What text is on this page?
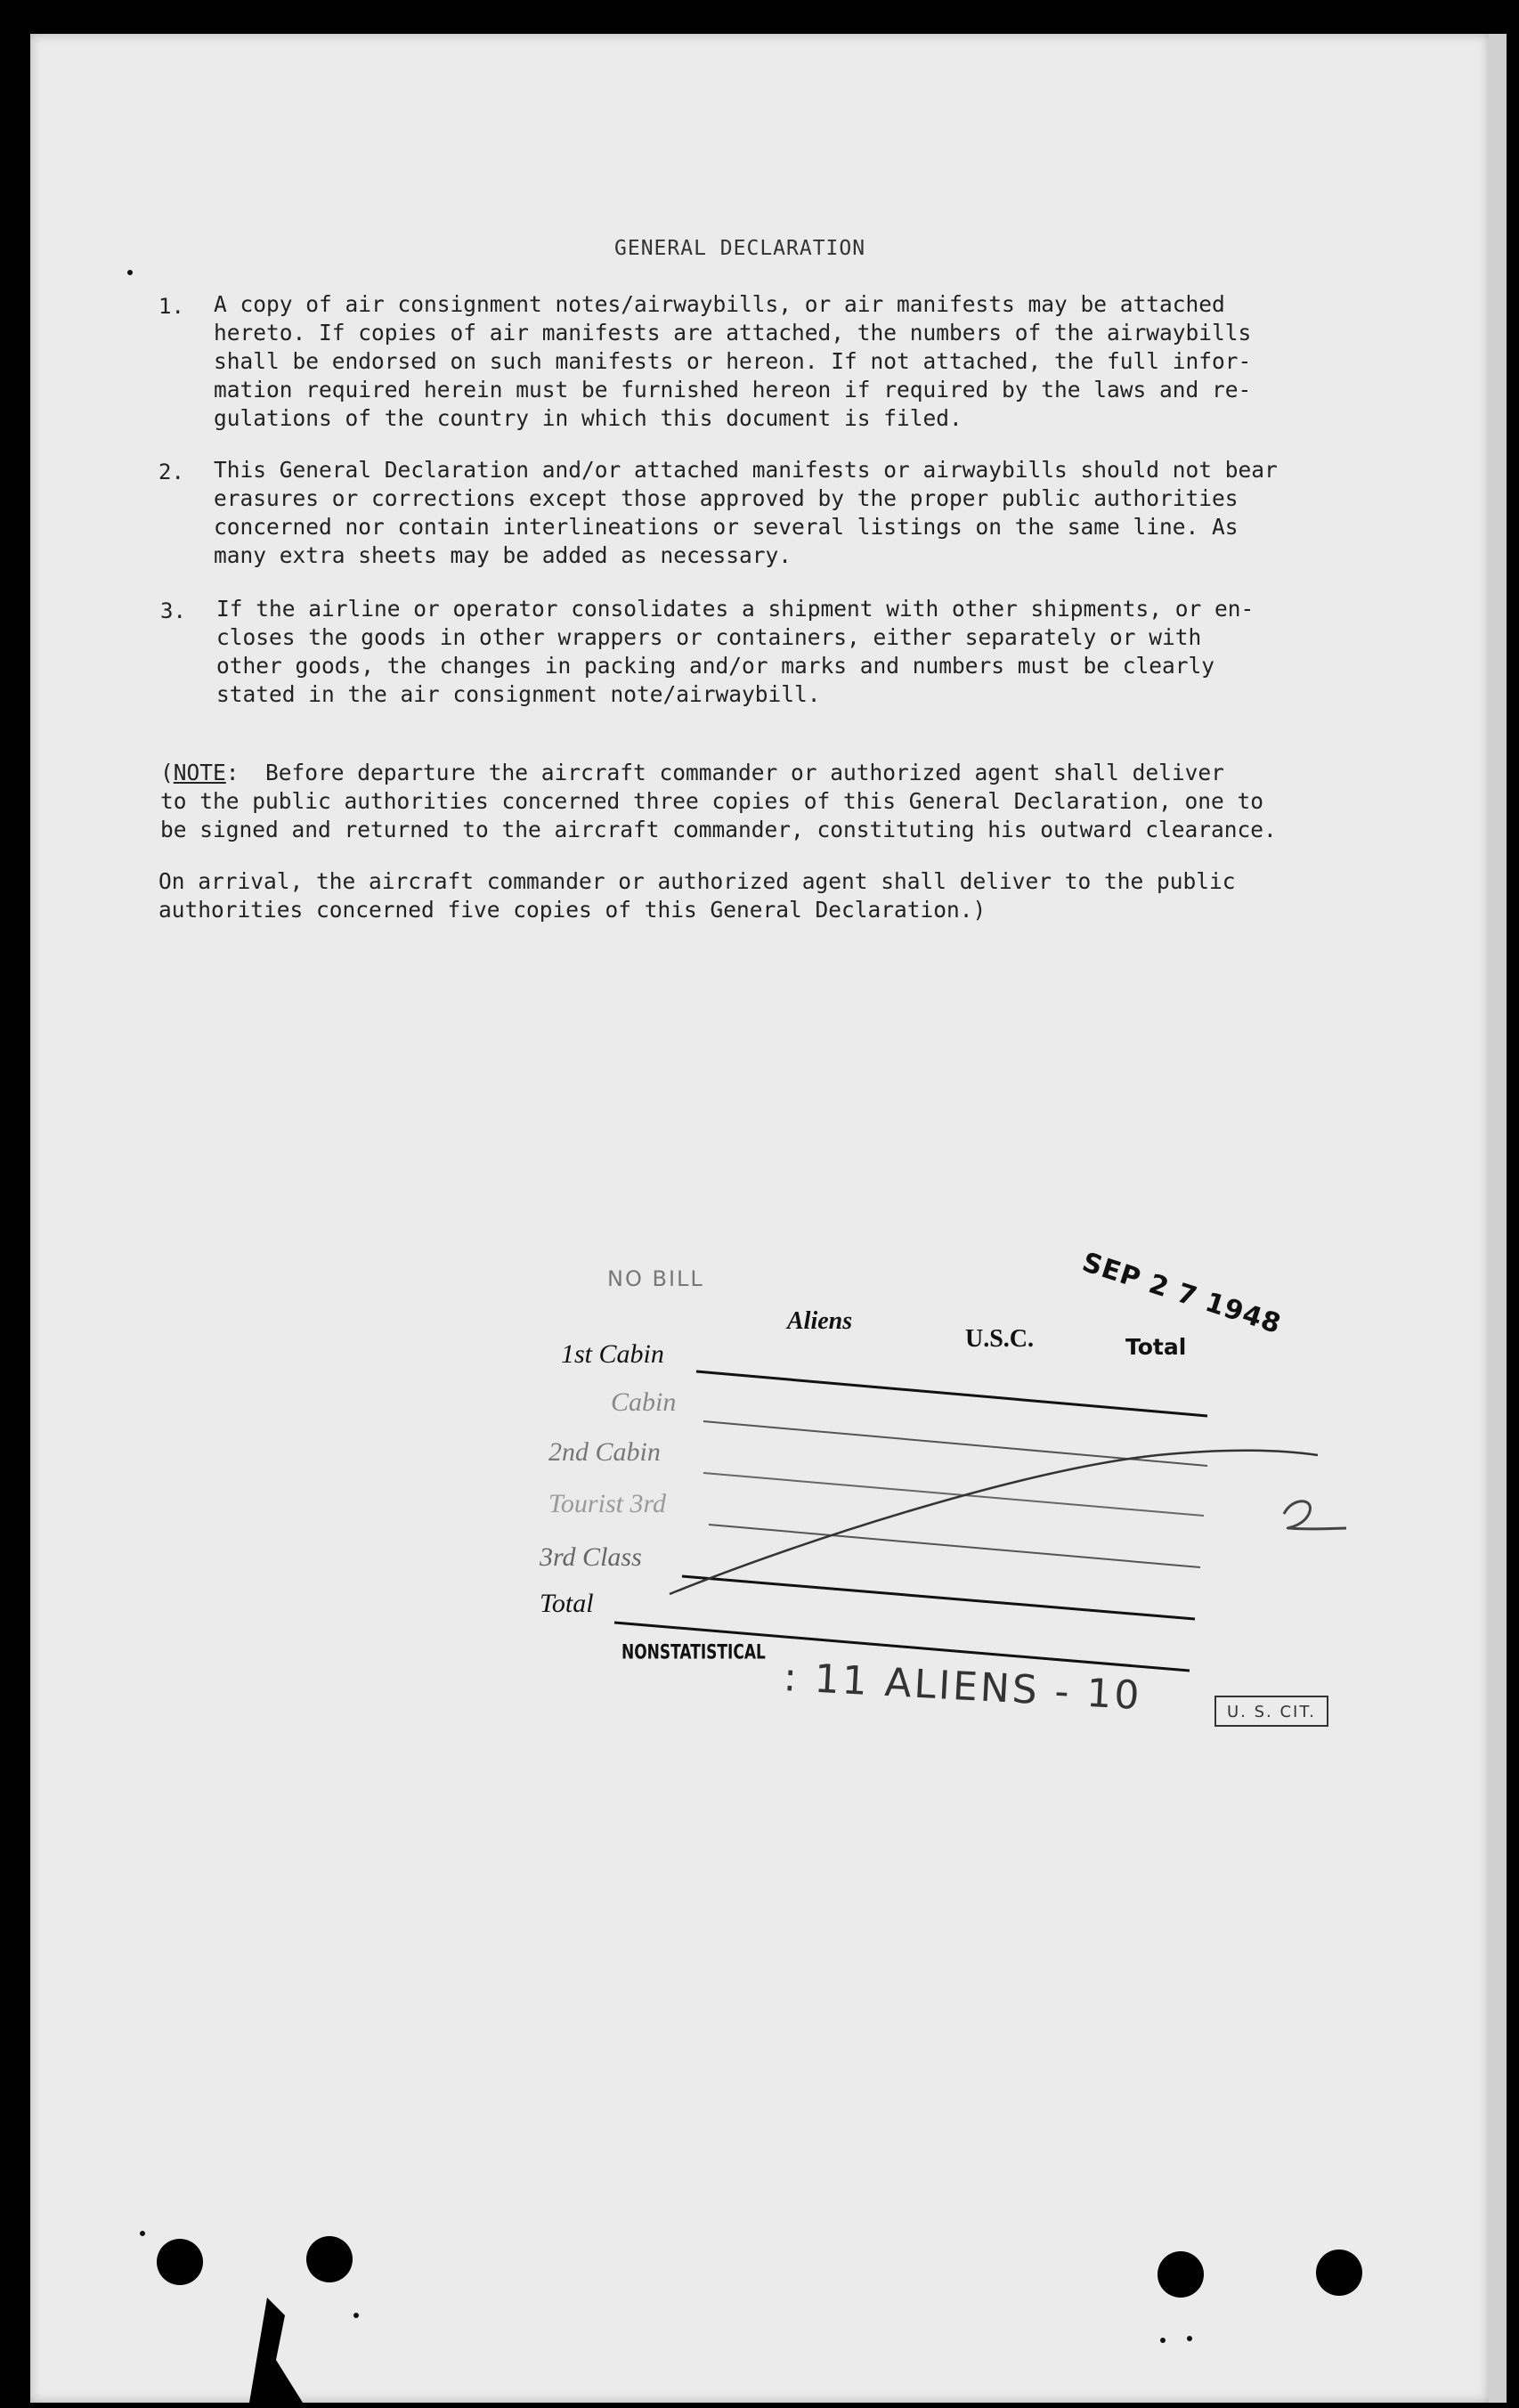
GENERAL DECLARATION
1. A copy of air consignment notes/airwaybills, or air manifests may be attached
hereto. If copies of air manifests are attached, the numbers of the airwaybills
shall be endorsed on such manifests or hereon. If not attached, the full infor-
mation required herein must be furnished hereon if required by the laws and re-
gulations of the country in which this document is filed.
2. This General Declaration and/or attached manifests or airwaybills should not bear
erasures or corrections except those approved by the proper public authorities
concerned nor contain interlineations or several listings on the same line. As
many extra sheets may be added as necessary.
3. If the airline or operator consolidates a shipment with other shipments, or en-
closes the goods in other wrappers or containers, either separately or with
other goods, the changes in packing and/or marks and numbers must be clearly
stated in the air consignment note/airwaybill.
(NOTE:  Before departure the aircraft commander or authorized agent shall deliver
to the public authorities concerned three copies of this General Declaration, one to
be signed and returned to the aircraft commander, constituting his outward clearance.
On arrival, the aircraft commander or authorized agent shall deliver to the public
authorities concerned five copies of this General Declaration.)
SEP 2 7 1948
NO BILL
Aliens
U.S.C.	Total
1st Cabin
Cabin
2nd Cabin
Tourist 3rd
3rd Class
Total
NONSTATISTICAL
: 11 ALIENS - 10	U. S. CIT.
